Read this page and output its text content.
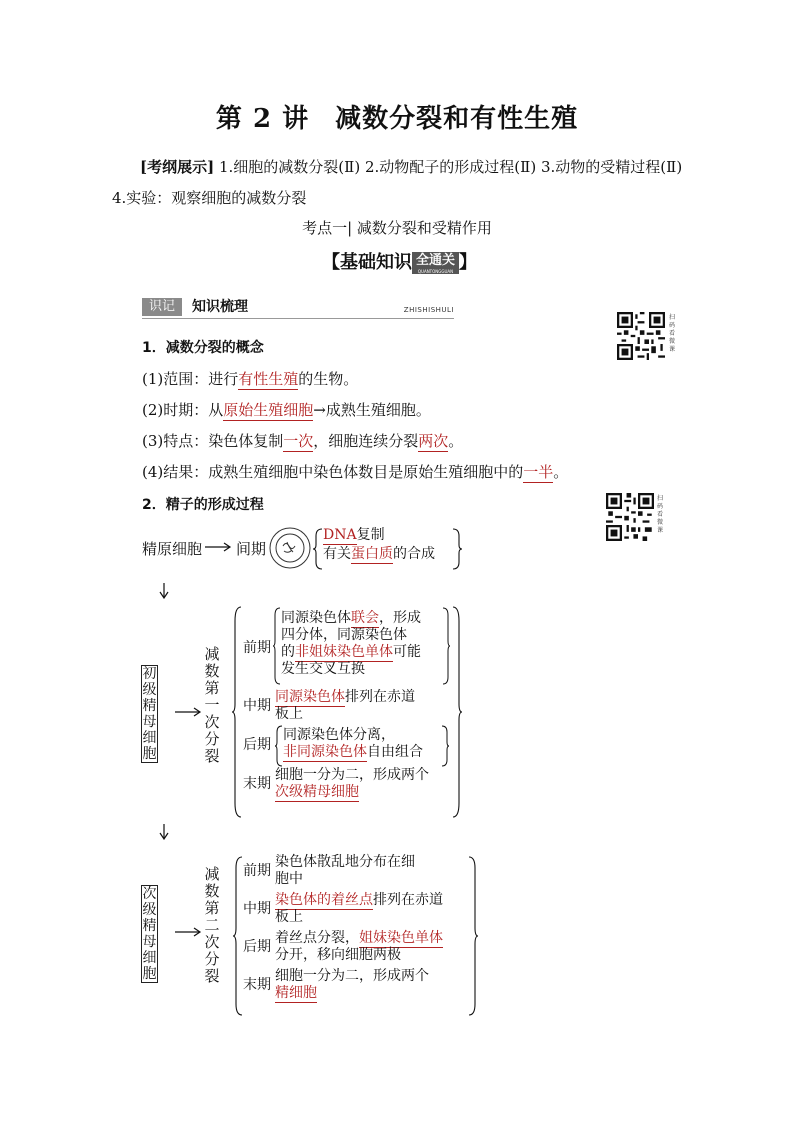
第 2 讲 减数分裂和有性生殖
[考纲展示] 1.细胞的减数分裂(Ⅱ) 2.动物配子的形成过程(Ⅱ) 3.动物的受精过程(Ⅱ) 4.实验：观察细胞的减数分裂
考点一| 减数分裂和受精作用
【基础知识 全通关
QUANTONGGUAN 】
识记	知识梳理	ZHISHISHULI
扫码看微课
扫码看微课
1．减数分裂的概念
(1)范围：进行有性生殖的生物。
(2)时期：从原始生殖细胞→成熟生殖细胞。
(3)特点：染色体复制一次，细胞连续分裂两次。
(4)结果：成熟生殖细胞中染色体数目是原始生殖细胞中的一半。
2．精子的形成过程
精原细胞 间期
DNA复制
有关蛋白质的合成
初级精母细胞
减数第一次分裂
前期
同源染色体联会，形成
四分体，同源染色体
的非姐妹染色单体可能
发生交叉互换
中期
同源染色体排列在赤道
板上
后期
同源染色体分离，
非同源染色体自由组合
末期
细胞一分为二，形成两个
次级精母细胞
次级精母细胞
减数第二次分裂
前期
染色体散乱地分布在细
胞中
中期
染色体的着丝点排列在赤道
板上
后期
着丝点分裂，姐妹染色单体
分开，移向细胞两极
末期
细胞一分为二，形成两个
精细胞
